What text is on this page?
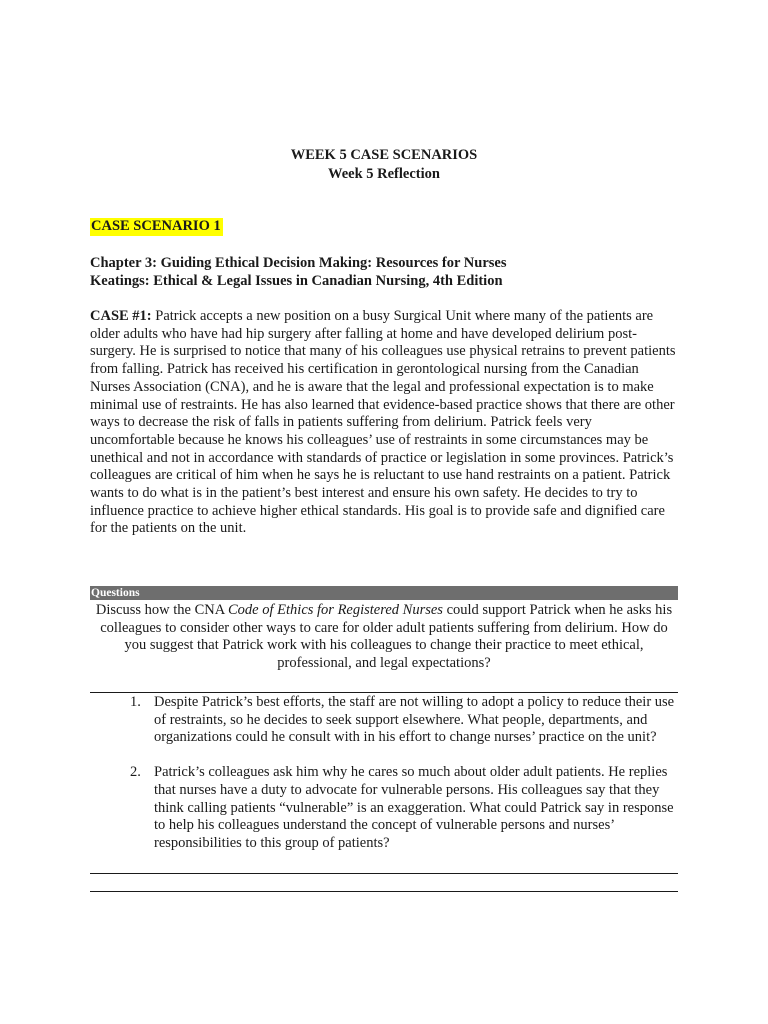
WEEK 5 CASE SCENARIOS
Week 5 Reflection
CASE SCENARIO 1
Chapter 3: Guiding Ethical Decision Making: Resources for Nurses
Keatings: Ethical & Legal Issues in Canadian Nursing, 4th Edition
CASE #1: Patrick accepts a new position on a busy Surgical Unit where many of the patients are older adults who have had hip surgery after falling at home and have developed delirium post-surgery. He is surprised to notice that many of his colleagues use physical retrains to prevent patients from falling. Patrick has received his certification in gerontological nursing from the Canadian Nurses Association (CNA), and he is aware that the legal and professional expectation is to make minimal use of restraints. He has also learned that evidence-based practice shows that there are other ways to decrease the risk of falls in patients suffering from delirium. Patrick feels very uncomfortable because he knows his colleagues’ use of restraints in some circumstances may be unethical and not in accordance with standards of practice or legislation in some provinces. Patrick’s colleagues are critical of him when he says he is reluctant to use hand restraints on a patient. Patrick wants to do what is in the patient’s best interest and ensure his own safety. He decides to try to influence practice to achieve higher ethical standards. His goal is to provide safe and dignified care for the patients on the unit.
Questions
Discuss how the CNA Code of Ethics for Registered Nurses could support Patrick when he asks his colleagues to consider other ways to care for older adult patients suffering from delirium. How do you suggest that Patrick work with his colleagues to change their practice to meet ethical, professional, and legal expectations?
1. Despite Patrick’s best efforts, the staff are not willing to adopt a policy to reduce their use of restraints, so he decides to seek support elsewhere. What people, departments, and organizations could he consult with in his effort to change nurses’ practice on the unit?
2. Patrick’s colleagues ask him why he cares so much about older adult patients. He replies that nurses have a duty to advocate for vulnerable persons. His colleagues say that they think calling patients “vulnerable” is an exaggeration. What could Patrick say in response to help his colleagues understand the concept of vulnerable persons and nurses’ responsibilities to this group of patients?
